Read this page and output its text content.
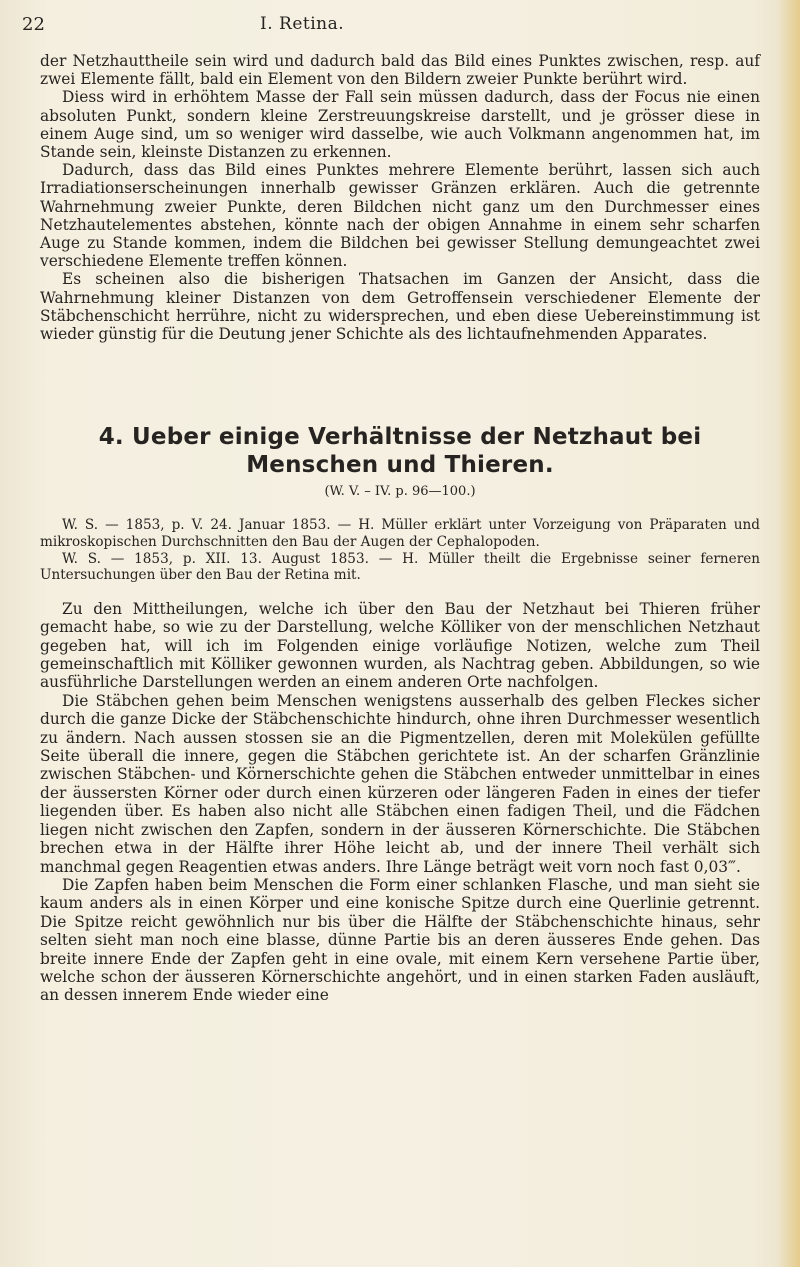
22	I. Retina.

der Netzhauttheile sein wird und dadurch bald das Bild eines Punktes zwischen, resp. auf zwei Elemente fällt, bald ein Element von den Bildern zweier Punkte berührt wird.

Diess wird in erhöhtem Masse der Fall sein müssen dadurch, dass der Focus nie einen absoluten Punkt, sondern kleine Zerstreuungskreise darstellt, und je grösser diese in einem Auge sind, um so weniger wird dasselbe, wie auch Volkmann angenommen hat, im Stande sein, kleinste Distanzen zu erkennen.

Dadurch, dass das Bild eines Punktes mehrere Elemente berührt, lassen sich auch Irradiationserscheinungen innerhalb gewisser Gränzen erklären. Auch die getrennte Wahrnehmung zweier Punkte, deren Bildchen nicht ganz um den Durchmesser eines Netzhautelementes abstehen, könnte nach der obigen Annahme in einem sehr scharfen Auge zu Stande kommen, indem die Bildchen bei gewisser Stellung demungeachtet zwei verschiedene Elemente treffen können.

Es scheinen also die bisherigen Thatsachen im Ganzen der Ansicht, dass die Wahrnehmung kleiner Distanzen von dem Getroffensein verschiedener Elemente der Stäbchenschicht herrühre, nicht zu widersprechen, und eben diese Uebereinstimmung ist wieder günstig für die Deutung jener Schichte als des lichtaufnehmenden Apparates.

4. Ueber einige Verhältnisse der Netzhaut bei Menschen und Thieren.
(W. V. – IV. p. 96—100.)

W. S. — 1853, p. V. 24. Januar 1853. — H. Müller erklärt unter Vorzeigung von Präparaten und mikroskopischen Durchschnitten den Bau der Augen der Cephalopoden.

W. S. — 1853, p. XII. 13. August 1853. — H. Müller theilt die Ergebnisse seiner ferneren Untersuchungen über den Bau der Retina mit.

Zu den Mittheilungen, welche ich über den Bau der Netzhaut bei Thieren früher gemacht habe, so wie zu der Darstellung, welche Kölliker von der menschlichen Netzhaut gegeben hat, will ich im Folgenden einige vorläufige Notizen, welche zum Theil gemeinschaftlich mit Kölliker gewonnen wurden, als Nachtrag geben. Abbildungen, so wie ausführliche Darstellungen werden an einem anderen Orte nachfolgen.

Die Stäbchen gehen beim Menschen wenigstens ausserhalb des gelben Fleckes sicher durch die ganze Dicke der Stäbchenschichte hindurch, ohne ihren Durchmesser wesentlich zu ändern. Nach aussen stossen sie an die Pigmentzellen, deren mit Molekülen gefüllte Seite überall die innere, gegen die Stäbchen gerichtete ist. An der scharfen Gränzlinie zwischen Stäbchen- und Körnerschichte gehen die Stäbchen entweder unmittelbar in eines der äussersten Körner oder durch einen kürzeren oder längeren Faden in eines der tiefer liegenden über. Es haben also nicht alle Stäbchen einen fadigen Theil, und die Fädchen liegen nicht zwischen den Zapfen, sondern in der äusseren Körnerschichte. Die Stäbchen brechen etwa in der Hälfte ihrer Höhe leicht ab, und der innere Theil verhält sich manchmal gegen Reagentien etwas anders. Ihre Länge beträgt weit vorn noch fast 0,03‴.

Die Zapfen haben beim Menschen die Form einer schlanken Flasche, und man sieht sie kaum anders als in einen Körper und eine konische Spitze durch eine Querlinie getrennt. Die Spitze reicht gewöhnlich nur bis über die Hälfte der Stäbchenschichte hinaus, sehr selten sieht man noch eine blasse, dünne Partie bis an deren äusseres Ende gehen. Das breite innere Ende der Zapfen geht in eine ovale, mit einem Kern versehene Partie über, welche schon der äusseren Körnerschichte angehört, und in einen starken Faden ausläuft, an dessen innerem Ende wieder eine
